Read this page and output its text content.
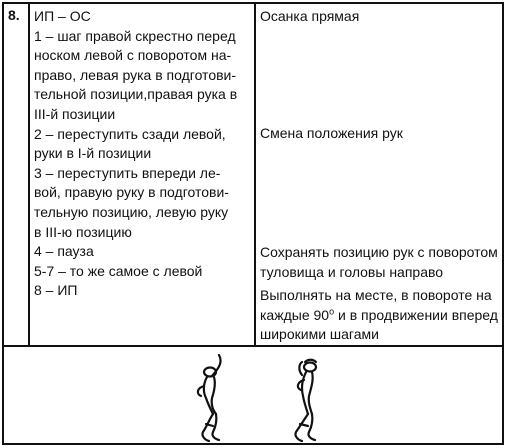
8. ИП – ОС
1 – шаг правой скрестно перед
носком левой с поворотом на-
право, левая рука в подготови-
тельной позиции,правая рука в
III-й позиции
2 – переступить сзади левой,
руки в I-й позиции
3 – переступить впереди ле-
вой, правую руку в подготови-
тельную позицию, левую руку
в III-ю позицию
4 – пауза
5-7 – то же самое с левой
8 – ИП
Осанка прямая
Смена положения рук
Сохранять позицию рук с поворотом
туловища и головы направо
Выполнять на месте, в повороте на
каждые $90^о$ и в продвижении вперед
широкими шагами
